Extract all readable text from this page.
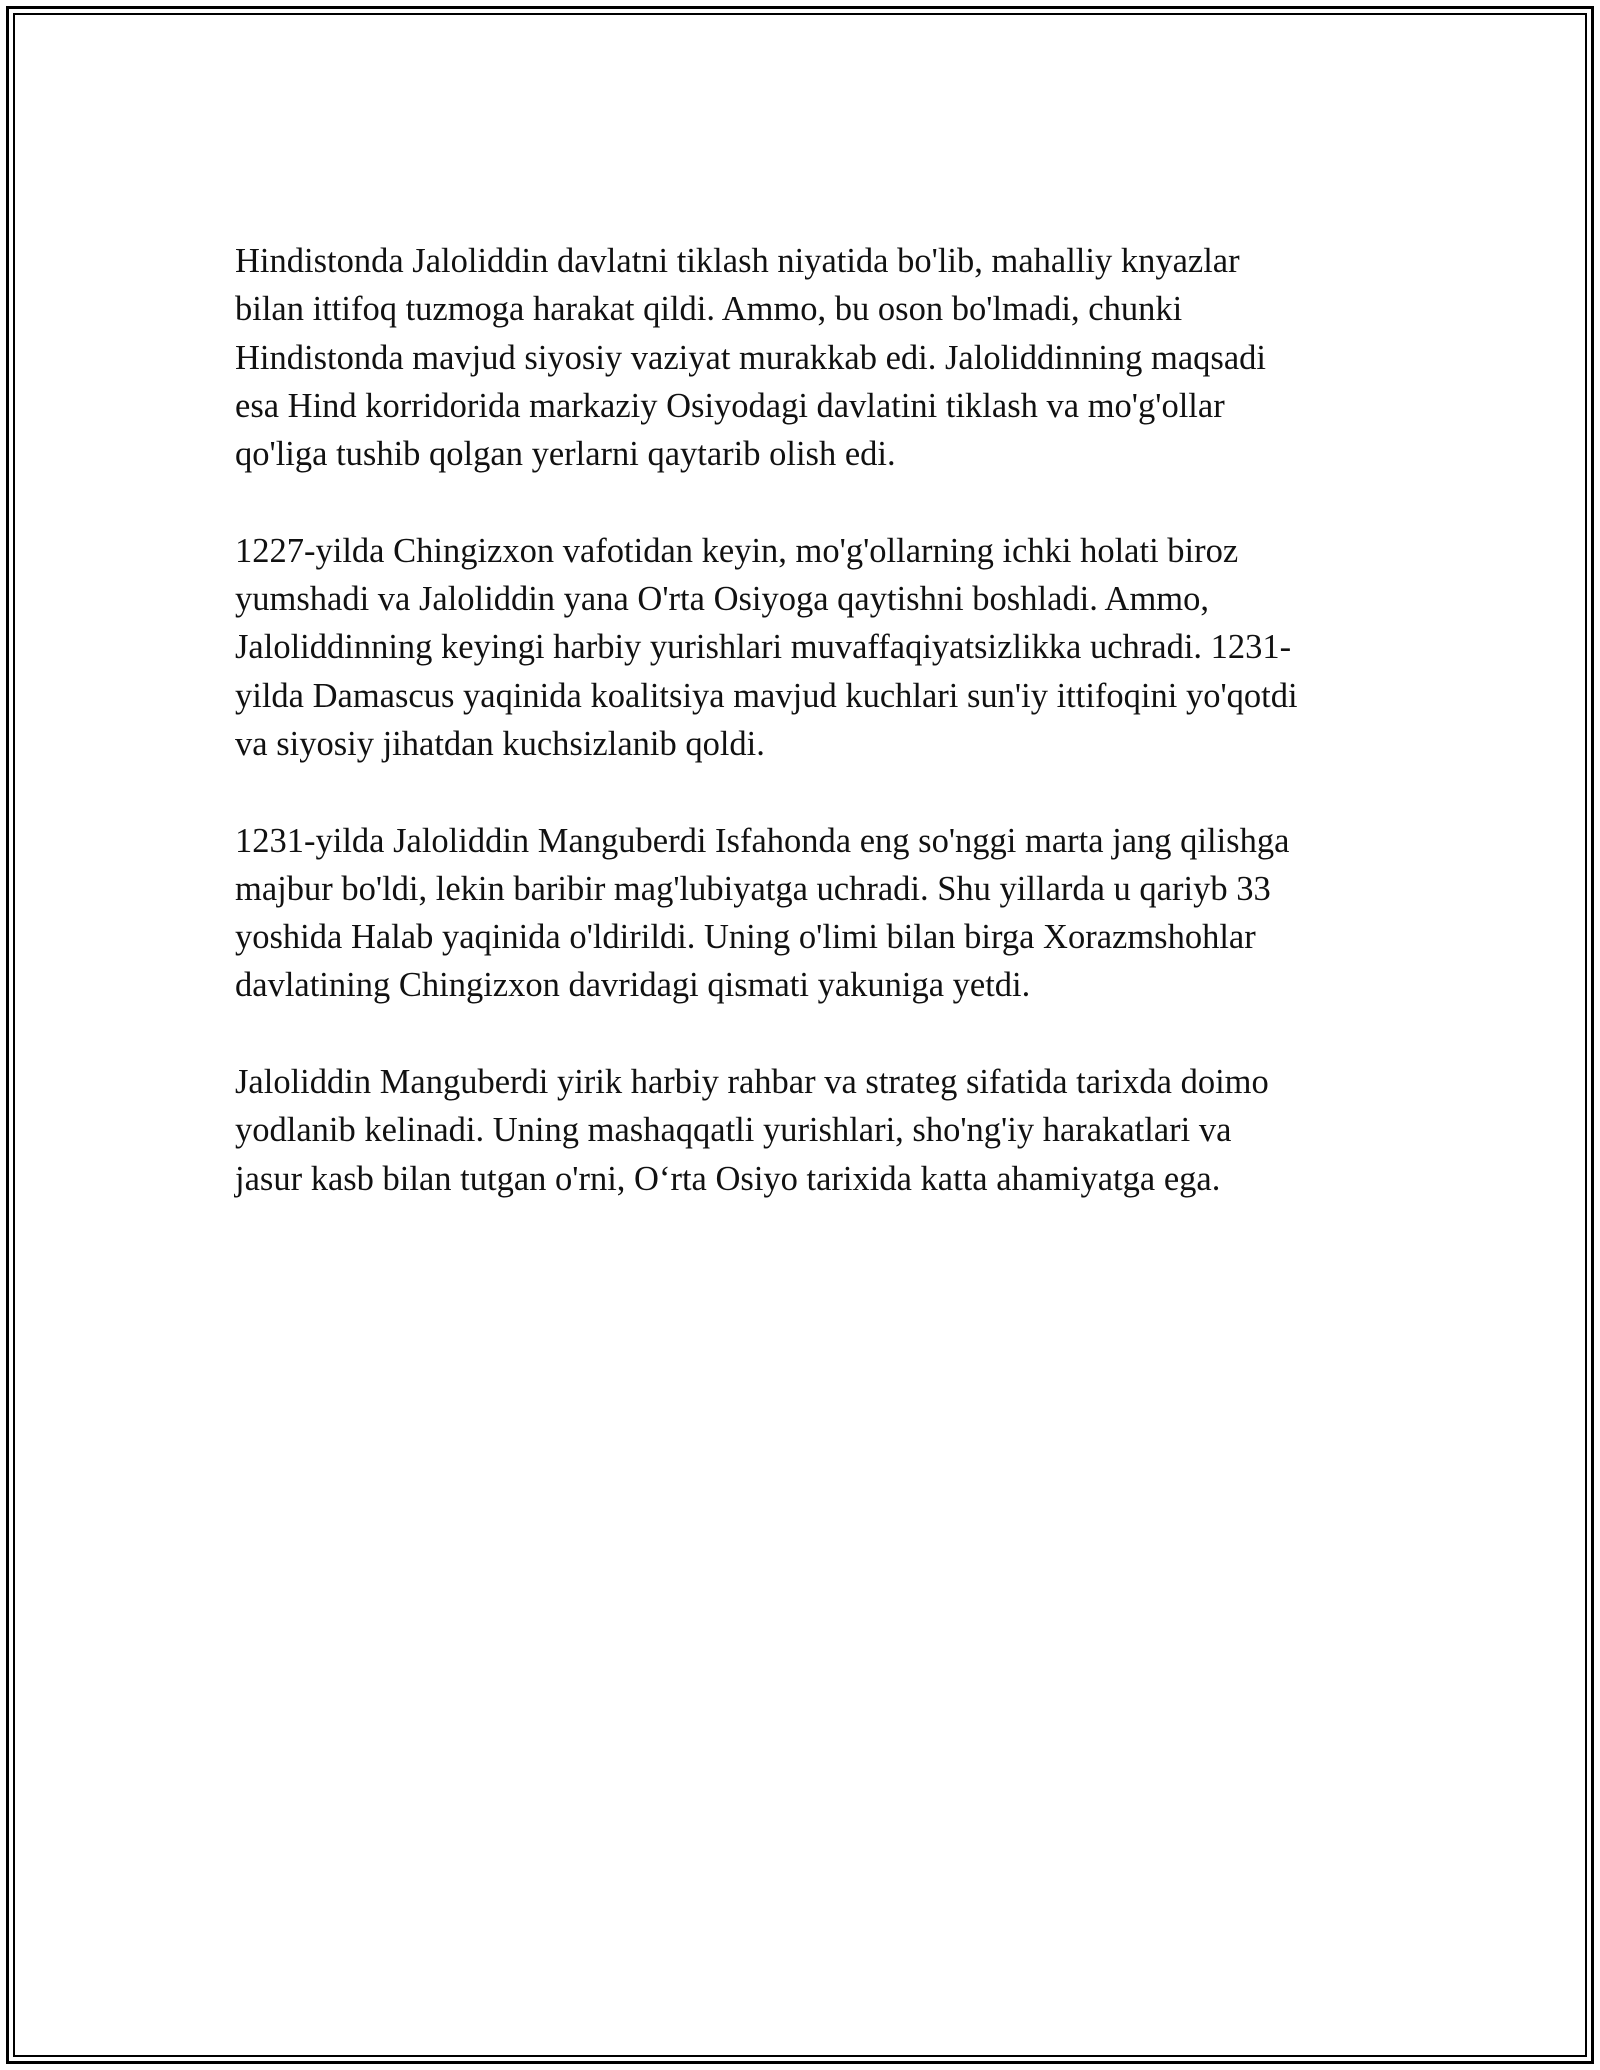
Hindistonda Jaloliddin davlatni tiklash niyatida bo'lib, mahalliy knyazlar
bilan ittifoq tuzmoga harakat qildi. Ammo, bu oson bo'lmadi, chunki
Hindistonda mavjud siyosiy vaziyat murakkab edi. Jaloliddinning maqsadi
esa Hind korridorida markaziy Osiyodagi davlatini tiklash va mo'g'ollar
qo'liga tushib qolgan yerlarni qaytarib olish edi.

1227-yilda Chingizxon vafotidan keyin, mo'g'ollarning ichki holati biroz
yumshadi va Jaloliddin yana O'rta Osiyoga qaytishni boshladi. Ammo,
Jaloliddinning keyingi harbiy yurishlari muvaffaqiyatsizlikka uchradi. 1231-
yilda Damascus yaqinida koalitsiya mavjud kuchlari sun'iy ittifoqini yo'qotdi
va siyosiy jihatdan kuchsizlanib qoldi.

1231-yilda Jaloliddin Manguberdi Isfahonda eng so'nggi marta jang qilishga
majbur bo'ldi, lekin baribir mag'lubiyatga uchradi. Shu yillarda u qariyb 33
yoshida Halab yaqinida o'ldirildi. Uning o'limi bilan birga Xorazmshohlar
davlatining Chingizxon davridagi qismati yakuniga yetdi.

Jaloliddin Manguberdi yirik harbiy rahbar va strateg sifatida tarixda doimo
yodlanib kelinadi. Uning mashaqqatli yurishlari, sho'ng'iy harakatlari va
jasur kasb bilan tutgan o'rni, O‘rta Osiyo tarixida katta ahamiyatga ega.
